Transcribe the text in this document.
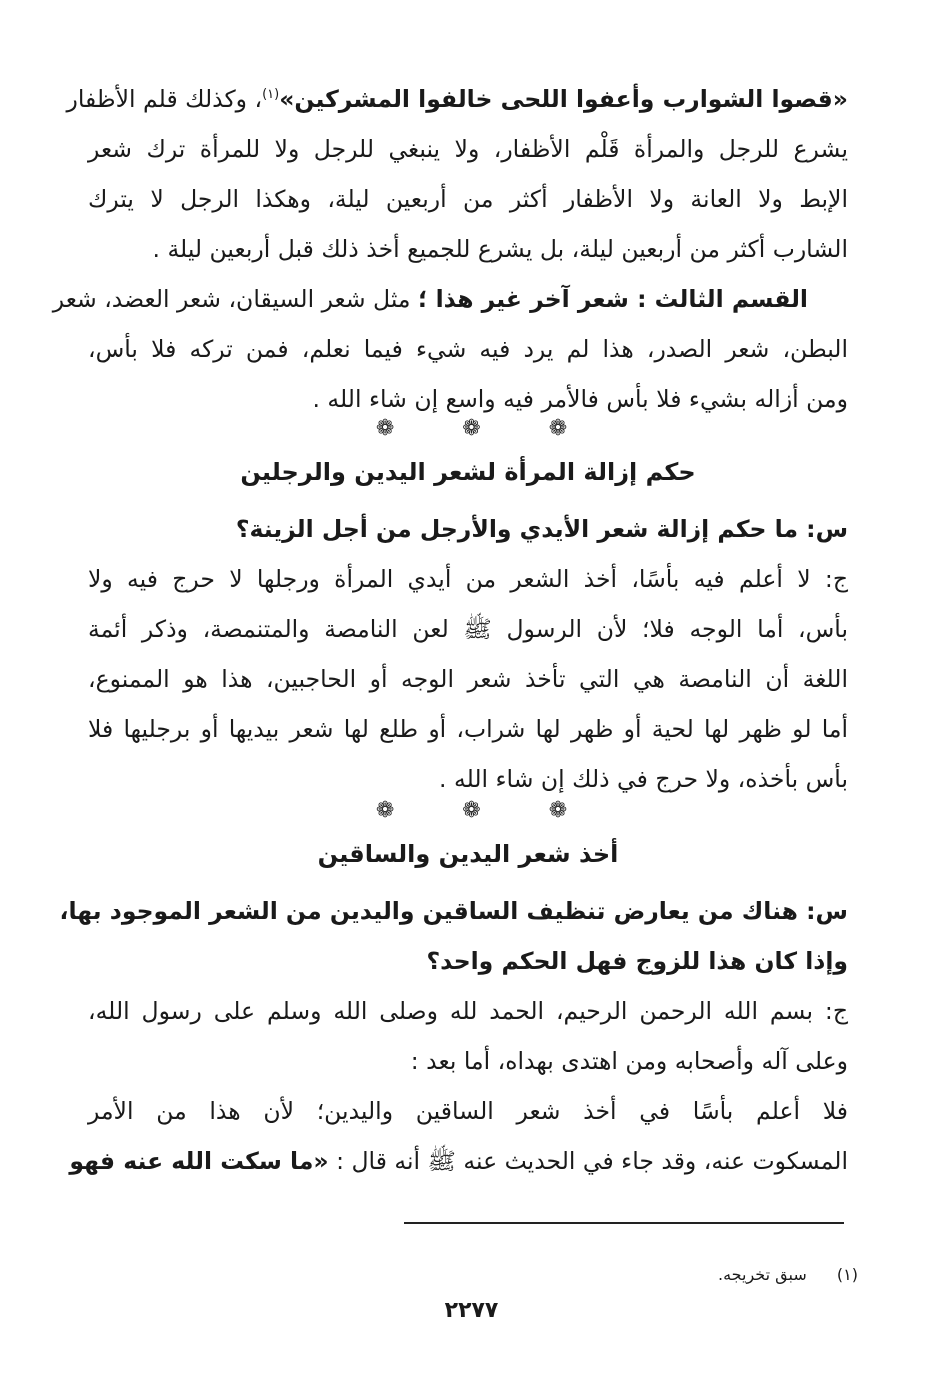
«قصوا الشوارب وأعفوا اللحى خالفوا المشركين»$^{(١)}$، وكذلك قلم الأظفار
يشرع للرجل والمرأة قَلْم الأظفار، ولا ينبغي للرجل ولا للمرأة ترك شعر
الإبط ولا العانة ولا الأظفار أكثر من أربعين ليلة، وهكذا الرجل لا يترك
الشارب أكثر من أربعين ليلة، بل يشرع للجميع أخذ ذلك قبل أربعين ليلة .
القسم الثالث : شعر آخر غير هذا ؛ مثل شعر السيقان، شعر العضد، شعر
البطن، شعر الصدر، هذا لم يرد فيه شيء فيما نعلم، فمن تركه فلا بأس،
ومن أزاله بشيء فلا بأس فالأمر فيه واسع إن شاء الله .
❁	❁	❁
حكم إزالة المرأة لشعر اليدين والرجلين
س: ما حكم إزالة شعر الأيدي والأرجل من أجل الزينة؟
ج: لا أعلم فيه بأسًا، أخذ الشعر من أيدي المرأة ورجلها لا حرج فيه ولا
بأس، أما الوجه فلا؛ لأن الرسول ﷺ لعن النامصة والمتنمصة، وذكر أئمة
اللغة أن النامصة هي التي تأخذ شعر الوجه أو الحاجبين، هذا هو الممنوع،
أما لو ظهر لها لحية أو ظهر لها شراب، أو طلع لها شعر بيديها أو برجليها فلا
بأس بأخذه، ولا حرج في ذلك إن شاء الله .
❁	❁	❁
أخذ شعر اليدين والساقين
س: هناك من يعارض تنظيف الساقين واليدين من الشعر الموجود بها،
وإذا كان هذا للزوج فهل الحكم واحد؟
ج: بسم الله الرحمن الرحيم، الحمد لله وصلى الله وسلم على رسول الله،
وعلى آله وأصحابه ومن اهتدى بهداه، أما بعد :
فلا أعلم بأسًا في أخذ شعر الساقين واليدين؛ لأن هذا من الأمر
المسكوت عنه، وقد جاء في الحديث عنه ﷺ أنه قال : «ما سكت الله عنه فهو
(١)  سبق تخريجه.
٢٢٧٧
